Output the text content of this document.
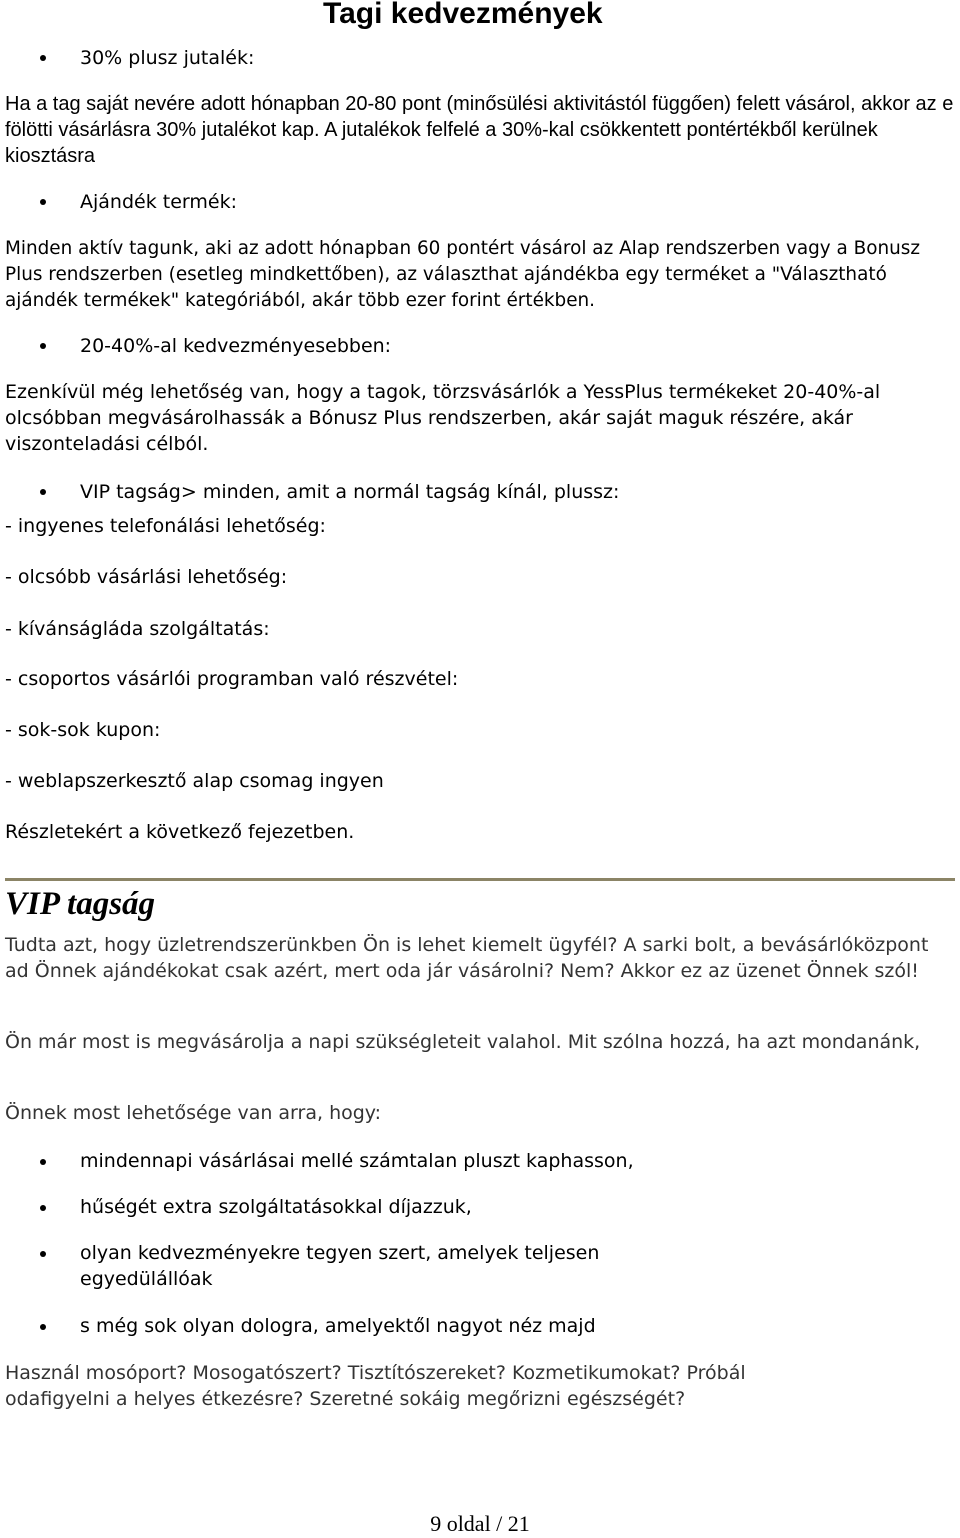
Tagi kedvezmények
30% plusz jutalék:
Ha a tag saját nevére adott hónapban 20-80 pont (minősülési aktivitástól függően) felett vásárol, akkor az e fölötti vásárlásra 30% jutalékot kap. A jutalékok felfelé a 30%-kal csökkentett pontértékből kerülnek kiosztásra
Ajándék termék:
Minden aktív tagunk, aki az adott hónapban 60 pontért vásárol az Alap rendszerben vagy a Bonusz Plus rendszerben (esetleg mindkettőben), az választhat ajándékba egy terméket a "Választható ajándék termékek" kategóriából, akár több ezer forint értékben.
20-40%-al kedvezményesebben:
Ezenkívül még lehetőség van, hogy a tagok, törzsvásárlók a YessPlus termékeket 20-40%-al olcsóbban megvásárolhassák a Bónusz Plus rendszerben, akár saját maguk részére, akár viszonteladási célból.
VIP tagság> minden, amit a normál tagság kínál, plussz:
- ingyenes telefonálási lehetőség:
- olcsóbb vásárlási lehetőség:
- kívánságláda szolgáltatás:
- csoportos vásárlói programban való részvétel:
- sok-sok kupon:
- weblapszerkesztő alap csomag ingyen
Részletekért a következő fejezetben.
VIP tagság
Tudta azt, hogy üzletrendszerünkben Ön is lehet kiemelt ügyfél? A sarki bolt, a bevásárlóközpont ad Önnek ajándékokat csak azért, mert oda jár vásárolni? Nem? Akkor ez az üzenet Önnek szól!
Ön már most is megvásárolja a napi szükségleteit valahol. Mit szólna hozzá, ha azt mondanánk,
Önnek most lehetősége van arra, hogy:
mindennapi vásárlásai mellé számtalan pluszt kaphasson,
hűségét extra szolgáltatásokkal díjazzuk,
olyan kedvezményekre tegyen szert, amelyek teljesen egyedülállóak
s még sok olyan dologra, amelyektől nagyot néz majd
Használ mosóport? Mosogatószert? Tisztítószereket? Kozmetikumokat? Próbál odafigyelni a helyes étkezésre? Szeretné sokáig megőrizni egészségét?
9 oldal / 21
